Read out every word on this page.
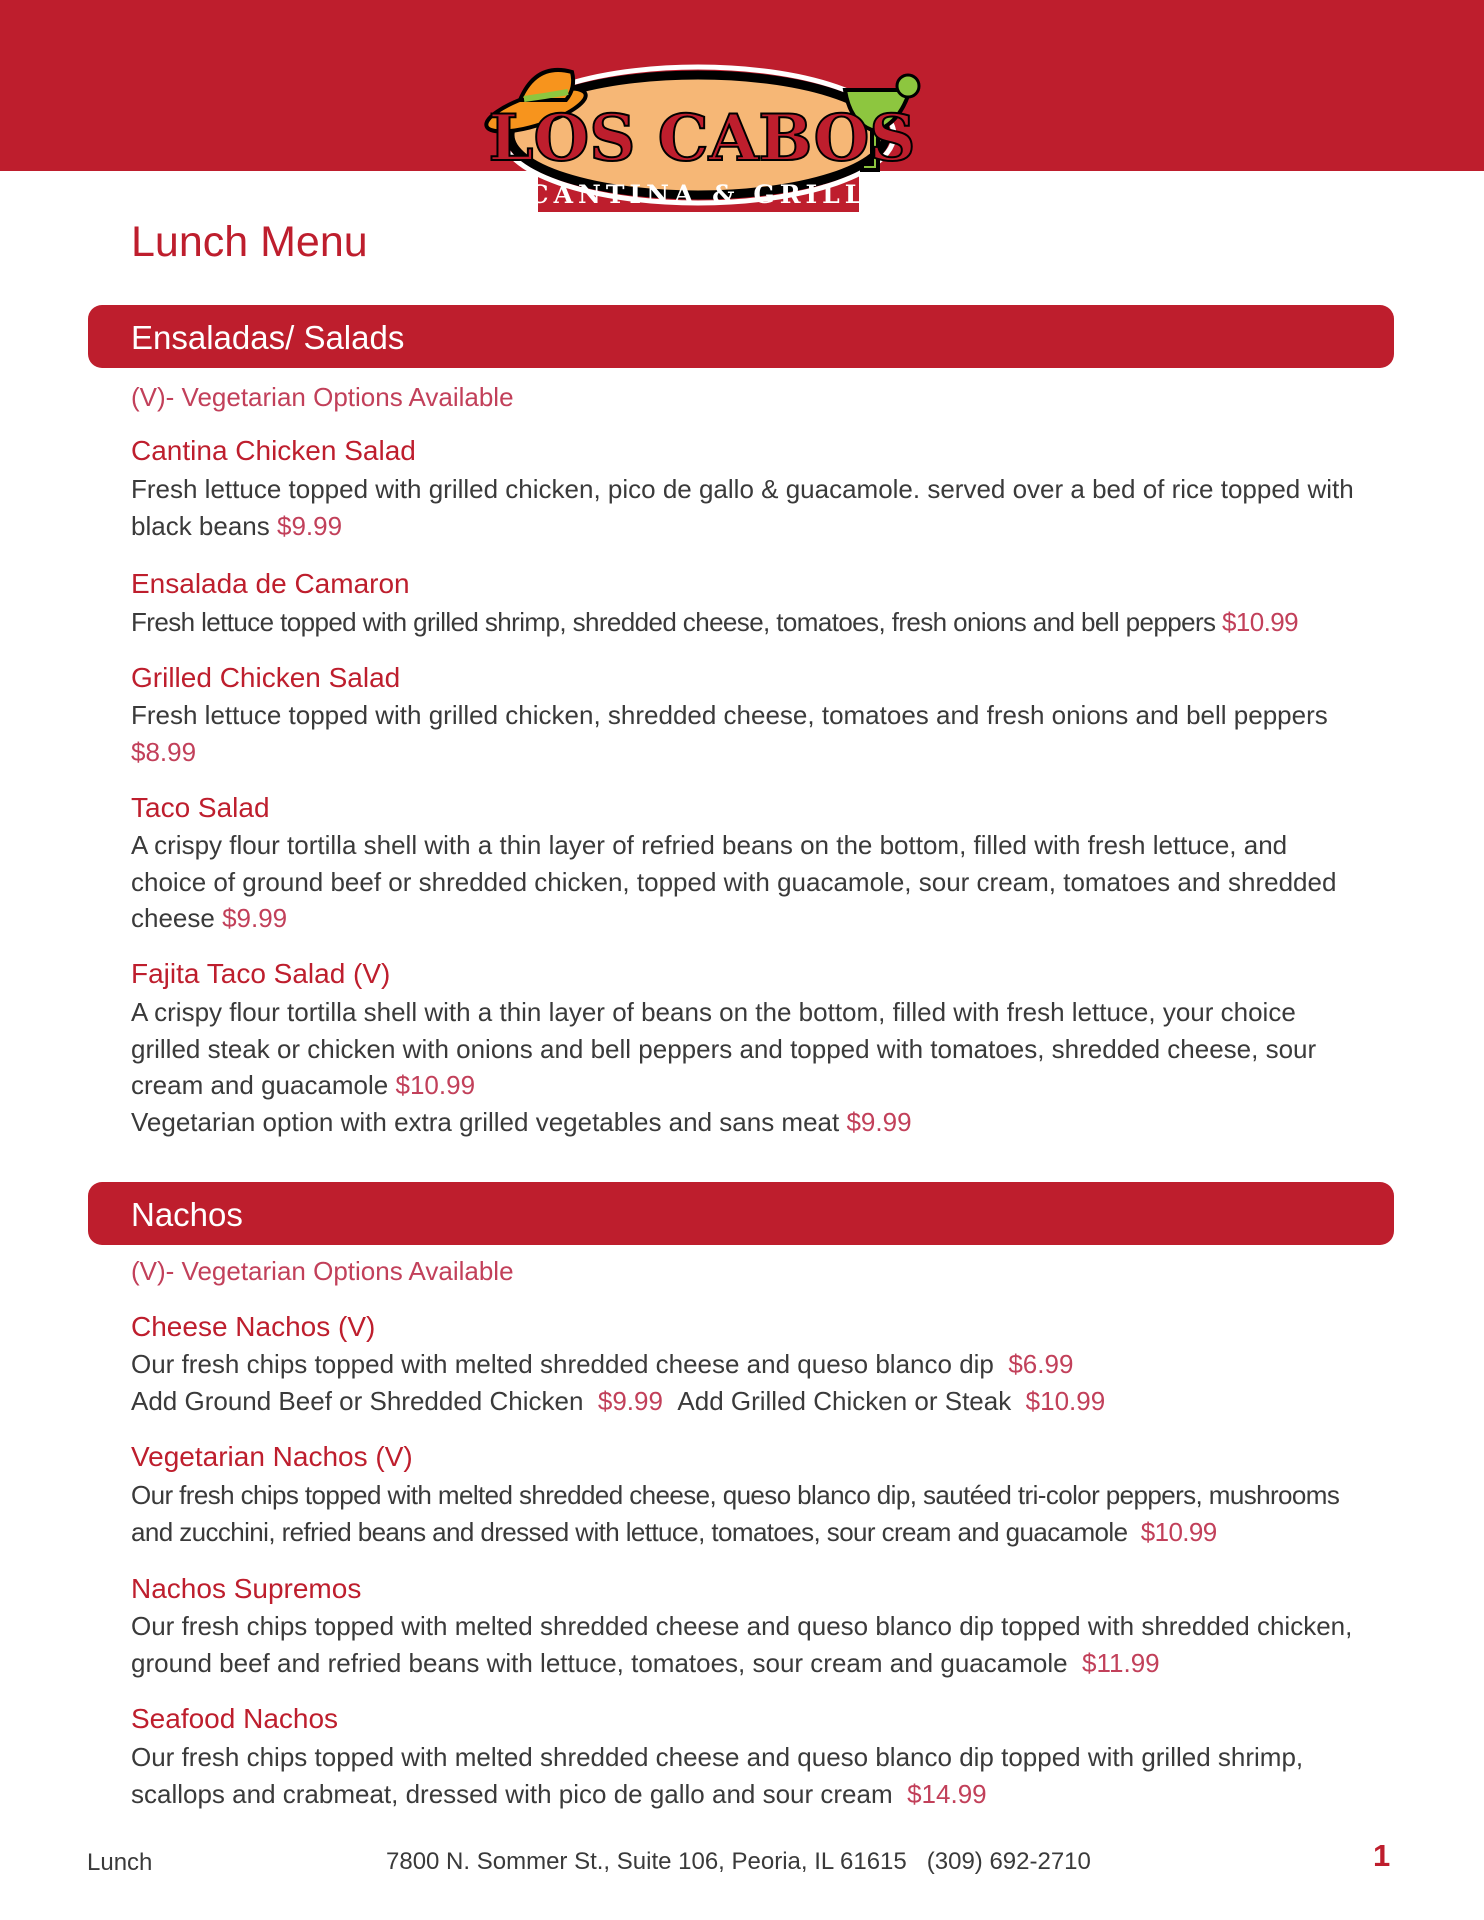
LOS CABOS
CANTINA & GRILL
Lunch Menu
Ensaladas/ Salads
(V)- Vegetarian Options Available
Cantina Chicken Salad
Fresh lettuce topped with grilled chicken, pico de gallo & guacamole. served over a bed of rice topped with black beans $9.99
Ensalada de Camaron
Fresh lettuce topped with grilled shrimp, shredded cheese, tomatoes, fresh onions and bell peppers $10.99
Grilled Chicken Salad
Fresh lettuce topped with grilled chicken, shredded cheese, tomatoes and fresh onions and bell peppers $8.99
Taco Salad
A crispy flour tortilla shell with a thin layer of refried beans on the bottom, filled with fresh lettuce, and choice of ground beef or shredded chicken, topped with guacamole, sour cream, tomatoes and shredded cheese $9.99
Fajita Taco Salad (V)
A crispy flour tortilla shell with a thin layer of beans on the bottom, filled with fresh lettuce, your choice grilled steak or chicken with onions and bell peppers and topped with tomatoes, shredded cheese, sour cream and guacamole $10.99
Vegetarian option with extra grilled vegetables and sans meat $9.99
Nachos
(V)- Vegetarian Options Available
Cheese Nachos (V)
Our fresh chips topped with melted shredded cheese and queso blanco dip $6.99
Add Ground Beef or Shredded Chicken $9.99 Add Grilled Chicken or Steak $10.99
Vegetarian Nachos (V)
Our fresh chips topped with melted shredded cheese, queso blanco dip, sautéed tri-color peppers, mushrooms and zucchini, refried beans and dressed with lettuce, tomatoes, sour cream and guacamole $10.99
Nachos Supremos
Our fresh chips topped with melted shredded cheese and queso blanco dip topped with shredded chicken, ground beef and refried beans with lettuce, tomatoes, sour cream and guacamole $11.99
Seafood Nachos
Our fresh chips topped with melted shredded cheese and queso blanco dip topped with grilled shrimp, scallops and crabmeat, dressed with pico de gallo and sour cream $14.99
Lunch	7800 N. Sommer St., Suite 106, Peoria, IL 61615   (309) 692-2710	1
